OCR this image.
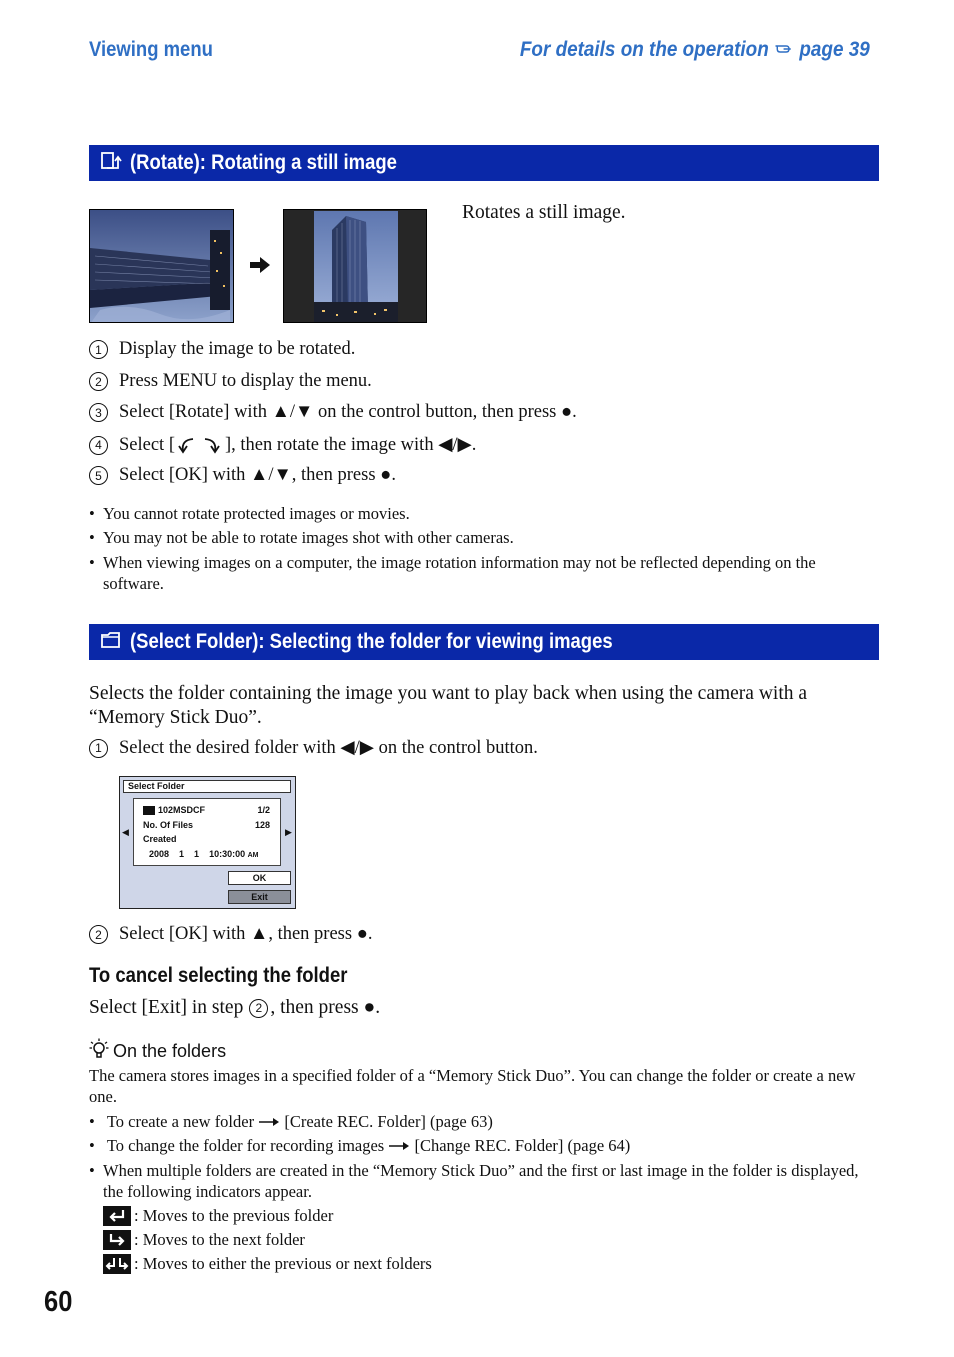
Viewing menu	For details on the operation page 39
(Rotate): Rotating a still image
Rotates a still image.
1 Display the image to be rotated.
2 Press MENU to display the menu.
3 Select [Rotate] with ▲/▼ on the control button, then press ●.
4 Select [	], then rotate the image with ◀/▶.
5 Select [OK] with ▲/▼, then press ●.
• You cannot rotate protected images or movies.
• You may not be able to rotate images shot with other cameras.
• When viewing images on a computer, the image rotation information may not be reflected depending on the software.
(Select Folder): Selecting the folder for viewing images
Selects the folder containing the image you want to play back when using the camera with a “Memory Stick Duo”.
1 Select the desired folder with ◀/▶ on the control button.
Select Folder
◀	▶
102MSDCF	1/2
No. Of Files	128
Created
2008 1 1 10:30:00 AM
OK
Exit
2 Select [OK] with ▲, then press ●.
To cancel selecting the folder
Select [Exit] in step	2 , then press ●.
On the folders
The camera stores images in a specified folder of a “Memory Stick Duo”. You can change the folder or create a new one.
• To create a new folder [Create REC. Folder] (page 63)
• To change the folder for recording images [Change REC. Folder] (page 64)
• When multiple folders are created in the “Memory Stick Duo” and the first or last image in the folder is displayed, the following indicators appear.
: Moves to the previous folder
: Moves to the next folder
: Moves to either the previous or next folders
60
